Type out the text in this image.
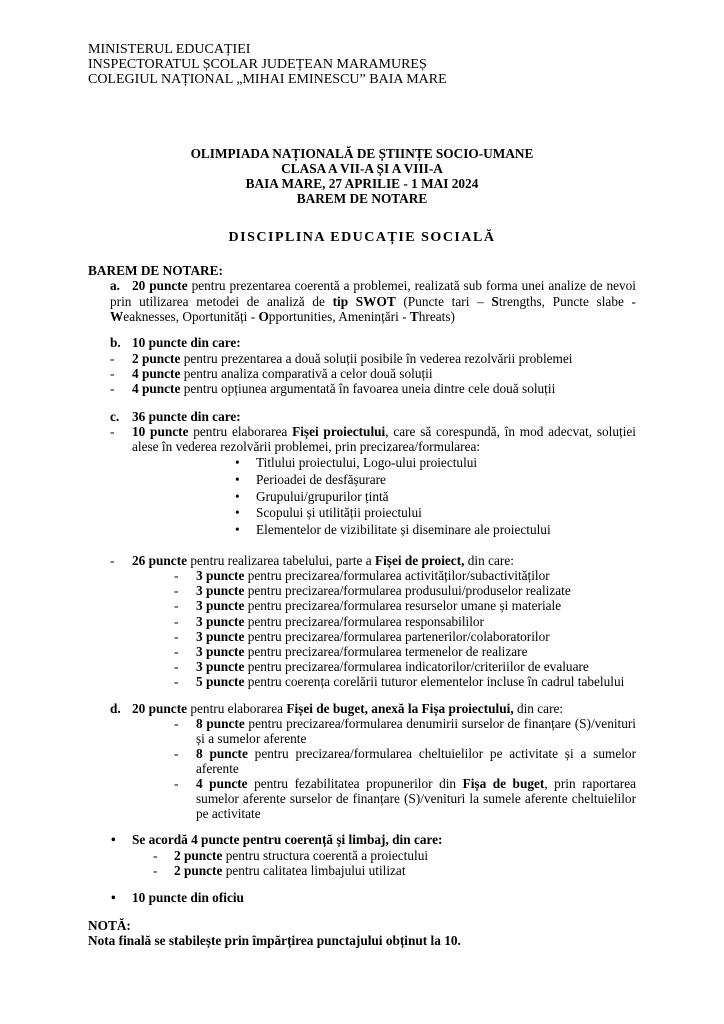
MINISTERUL EDUCAȚIEI
INSPECTORATUL ȘCOLAR JUDEȚEAN MARAMUREȘ
COLEGIUL NAȚIONAL „MIHAI EMINESCU” BAIA MARE
OLIMPIADA NAȚIONALĂ DE ȘTIINȚE SOCIO-UMANE
CLASA A VII-A ȘI A VIII-A
BAIA MARE, 27 APRILIE - 1 MAI 2024
BAREM DE NOTARE
DISCIPLINA EDUCAȚIE SOCIALĂ
BAREM DE NOTARE:
a. 20 puncte pentru prezentarea coerentă a problemei, realizată sub forma unei analize de nevoi
prin utilizarea metodei de analiză de tip SWOT (Puncte tari – Strengths, Puncte slabe -
Weaknesses, Oportunități - Opportunities, Amenințări - Threats)
b. 10 puncte din care:
- 2 puncte pentru prezentarea a două soluții posibile în vederea rezolvării problemei
- 4 puncte pentru analiza comparativă a celor două soluții
- 4 puncte pentru opțiunea argumentată în favoarea uneia dintre cele două soluții
c. 36 puncte din care:
- 10 puncte pentru elaborarea Fișei proiectului, care să corespundă, în mod adecvat, soluției
alese în vederea rezolvării problemei, prin precizarea/formularea:
• Titlului proiectului, Logo-ului proiectului
• Perioadei de desfășurare
• Grupului/grupurilor țintă
• Scopului și utilității proiectului
• Elementelor de vizibilitate și diseminare ale proiectului
- 26 puncte pentru realizarea tabelului, parte a Fișei de proiect, din care:
- 3 puncte pentru precizarea/formularea activităților/subactivităților
- 3 puncte pentru precizarea/formularea produsului/produselor realizate
- 3 puncte pentru precizarea/formularea resurselor umane și materiale
- 3 puncte pentru precizarea/formularea responsabililor
- 3 puncte pentru precizarea/formularea partenerilor/colaboratorilor
- 3 puncte pentru precizarea/formularea termenelor de realizare
- 3 puncte pentru precizarea/formularea indicatorilor/criteriilor de evaluare
- 5 puncte pentru coerența corelării tuturor elementelor incluse în cadrul tabelului
d. 20 puncte pentru elaborarea Fișei de buget, anexă la Fișa proiectului, din care:
- 8 puncte pentru precizarea/formularea denumirii surselor de finanțare (S)/venituri
și a sumelor aferente
- 8 puncte pentru precizarea/formularea cheltuielilor pe activitate și a sumelor
aferente
- 4 puncte pentru fezabilitatea propunerilor din Fișa de buget, prin raportarea
sumelor aferente surselor de finanțare (S)/venituri la sumele aferente cheltuielilor
pe activitate
• Se acordă 4 puncte pentru coerență și limbaj, din care:
- 2 puncte pentru structura coerentă a proiectului
- 2 puncte pentru calitatea limbajului utilizat
• 10 puncte din oficiu
NOTĂ:
Nota finală se stabilește prin împărțirea punctajului obținut la 10.
